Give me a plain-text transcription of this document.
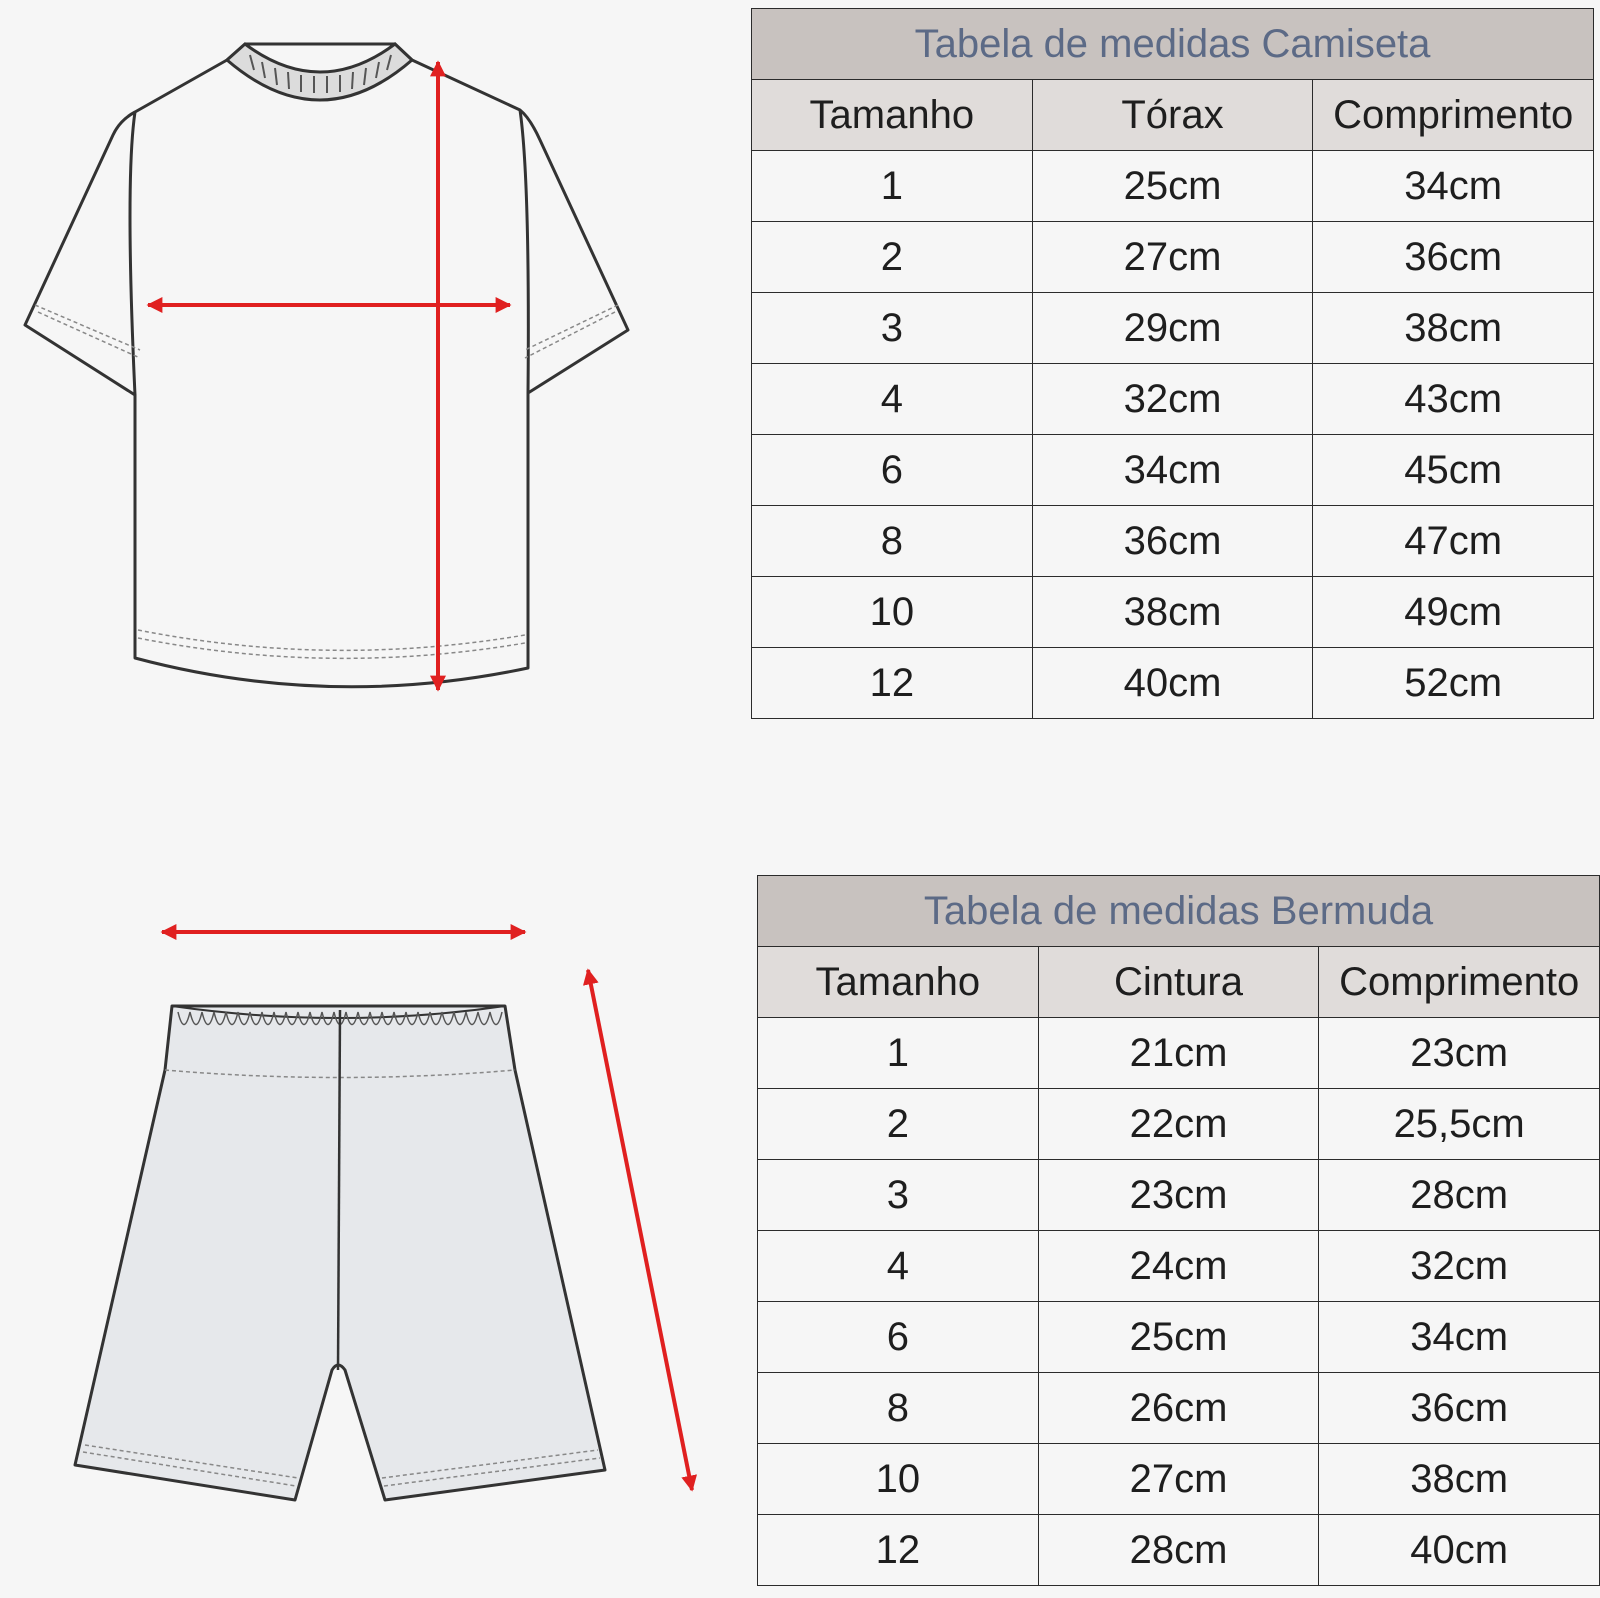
Tabela de medidas Camiseta		
Tamanho	Tórax	Comprimento
1	25cm	34cm
2	27cm	36cm
3	29cm	38cm
4	32cm	43cm
6	34cm	45cm
8	36cm	47cm
10	38cm	49cm
12	40cm	52cm
Tabela de medidas Bermuda		
Tamanho	Cintura	Comprimento
1	21cm	23cm
2	22cm	25,5cm
3	23cm	28cm
4	24cm	32cm
6	25cm	34cm
8	26cm	36cm
10	27cm	38cm
12	28cm	40cm
